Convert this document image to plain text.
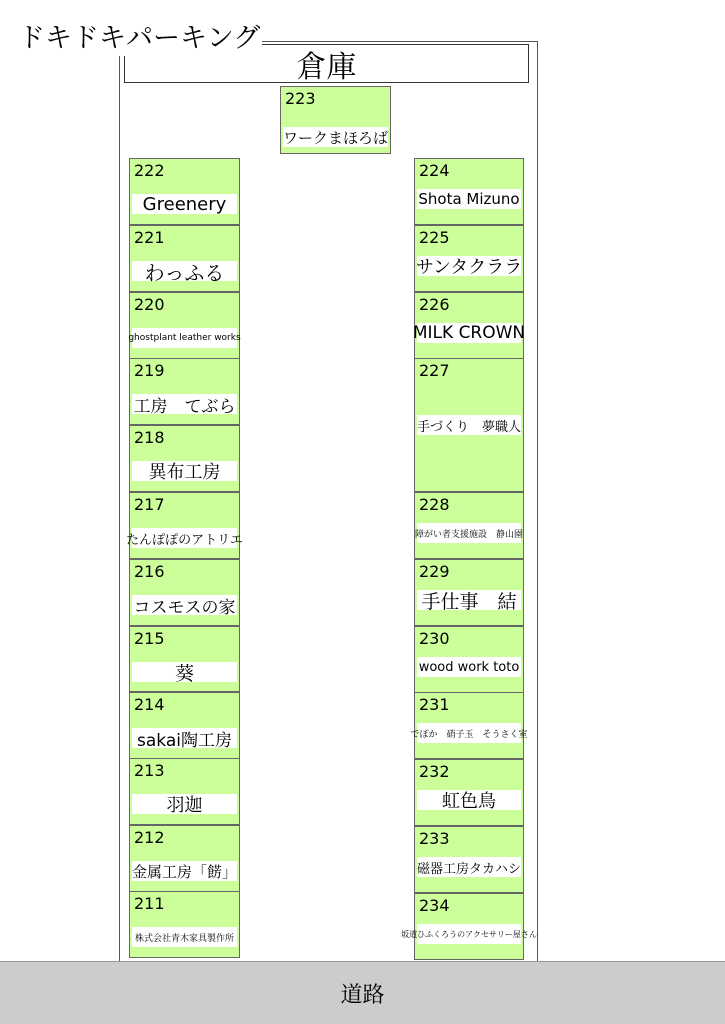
倉庫
ドキドキパーキング
223
ワークまほろば
222
Greenery
221
わっふる
220
ghostplant leather works
219
工房　てぶら
218
異布工房
217
たんぽぽのアトリエ
216
コスモスの家
215
葵
214
sakai陶工房
213
羽迦
212
金属工房「餝」
211
株式会社青木家具製作所
224
Shota Mizuno
225
サンタクララ
226
MILK CROWN
227
手づくり　夢職人
228
障がい者支援施設　静山園
229
手仕事　結
230
wood work toto
231
でぽか　硝子玉　そうさく室
232
虹色鳥
233
磁器工房タカハシ
234
坂道ひふくろうのアクセサリー屋さん
道路
